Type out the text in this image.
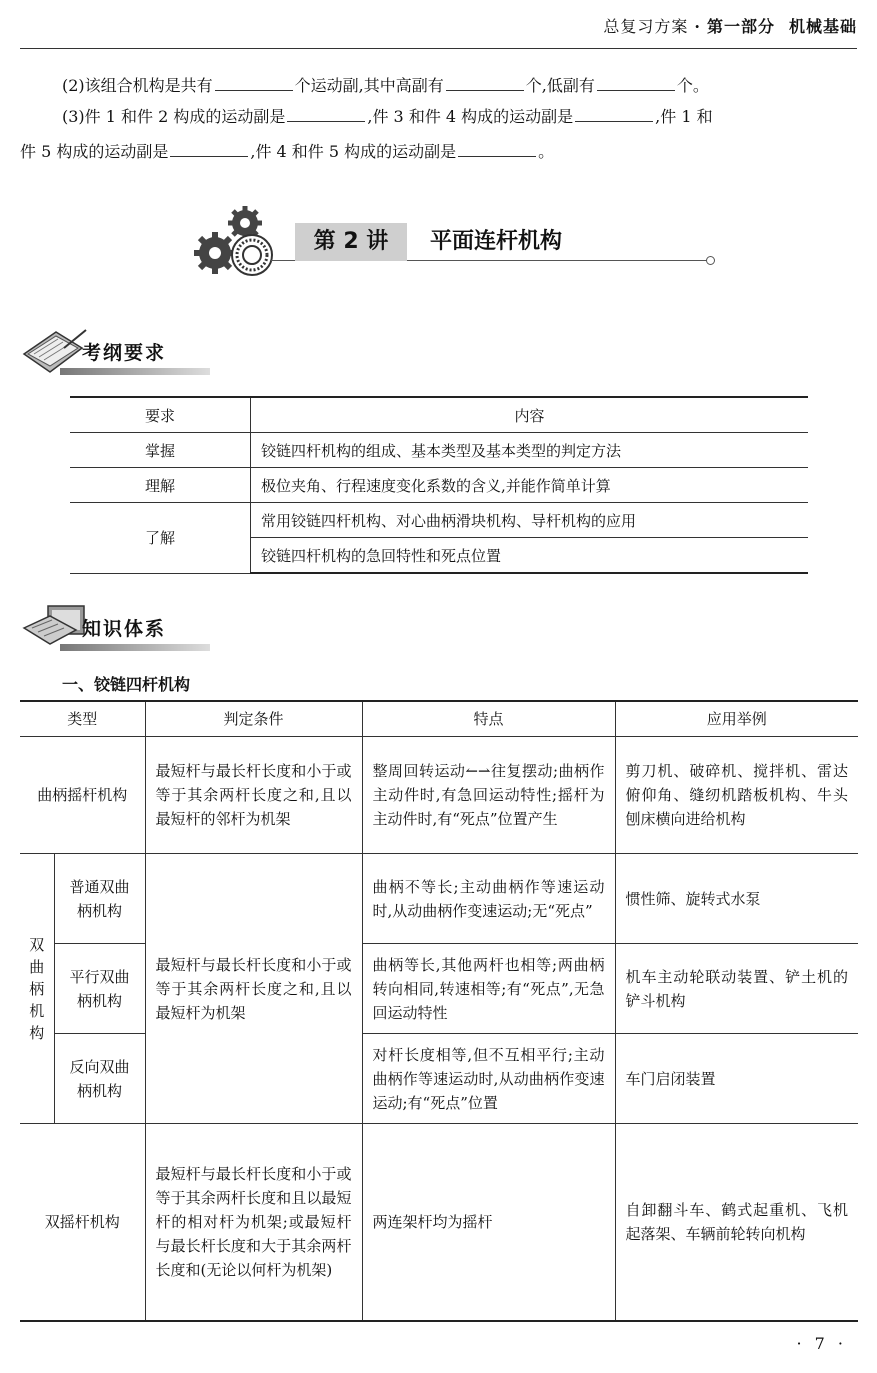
总复习方案 · 第一部分 机械基础
(2)该组合机构是共有	个运动副,其中高副有	个,低副有	个。
(3)件 1 和件 2 构成的运动副是	,件 3 和件 4 构成的运动副是	,件 1 和
件 5 构成的运动副是	,件 4 和件 5 构成的运动副是	。
第 2 讲	平面连杆机构
考纲要求
要求	内容
掌握	铰链四杆机构的组成、基本类型及基本类型的判定方法
理解	极位夹角、行程速度变化系数的含义,并能作简单计算
了解	常用铰链四杆机构、对心曲柄滑块机构、导杆机构的应用
	铰链四杆机构的急回特性和死点位置
知识体系
一、铰链四杆机构
类型		判定条件	特点	应用举例
曲柄摇杆机构		最短杆与最长杆长度和小于或等于其余两杆长度之和,且以最短杆的邻杆为机架	整周回转运动↼⇀往复摆动;曲柄作主动件时,有急回运动特性;摇杆为主动件时,有“死点”位置产生	剪刀机、破碎机、搅拌机、雷达俯仰角、缝纫机踏板机构、牛头刨床横向进给机构
双曲柄机构	普通双曲柄机构	最短杆与最长杆长度和小于或等于其余两杆长度之和,且以最短杆为机架	曲柄不等长;主动曲柄作等速运动时,从动曲柄作变速运动;无“死点”	惯性筛、旋转式水泵
	平行双曲柄机构		曲柄等长,其他两杆也相等;两曲柄转向相同,转速相等;有“死点”,无急回运动特性	机车主动轮联动装置、铲土机的铲斗机构
	反向双曲柄机构		对杆长度相等,但不互相平行;主动曲柄作等速运动时,从动曲柄作变速运动;有“死点”位置	车门启闭装置
双摇杆机构		最短杆与最长杆长度和小于或等于其余两杆长度和且以最短杆的相对杆为机架;或最短杆与最长杆长度和大于其余两杆长度和(无论以何杆为机架)	两连架杆均为摇杆	自卸翻斗车、鹤式起重机、飞机起落架、车辆前轮转向机构
· 7 ·
